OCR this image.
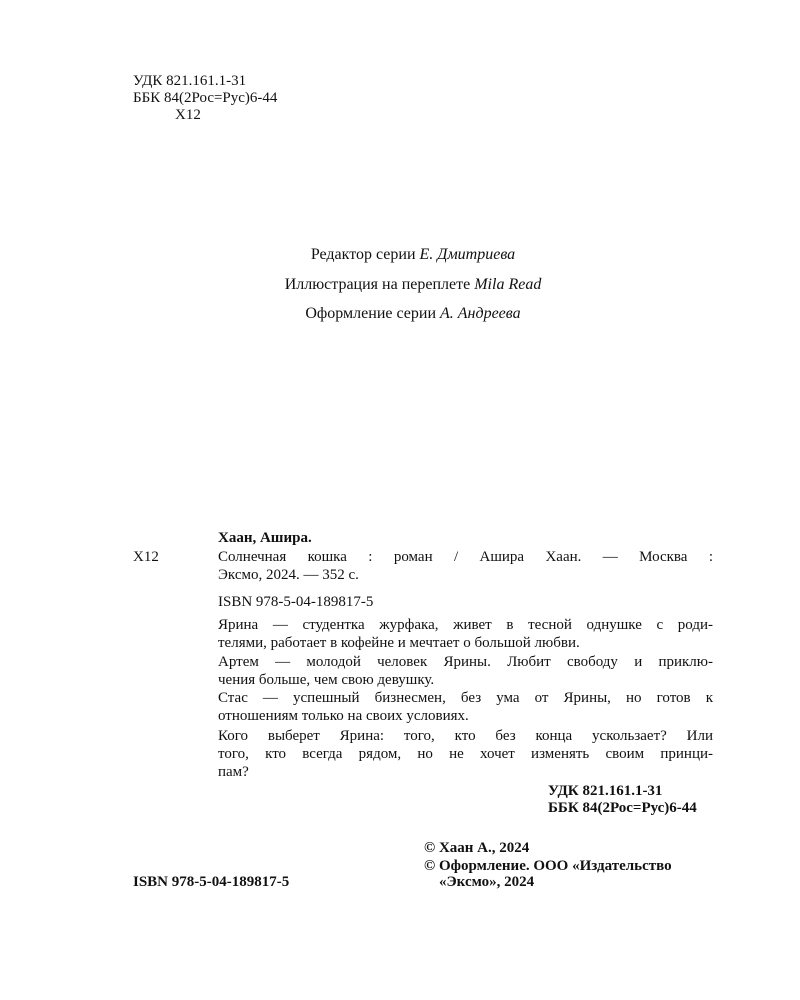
УДК 821.161.1-31
ББК 84(2Рос=Рус)6-44
Х12
Редактор серии Е. Дмитриева
Иллюстрация на переплете Mila Read
Оформление серии А. Андреева
Хаан, Ашира.
Х12	Солнечная кошка : роман / Ашира Хаан. — Москва :
Эксмо, 2024. — 352 с.
ISBN 978-5-04-189817-5
Ярина — студентка журфака, живет в тесной однушке с роди-
телями, работает в кофейне и мечтает о большой любви.
Артем — молодой человек Ярины. Любит свободу и приклю-
чения больше, чем свою девушку.
Стас — успешный бизнесмен, без ума от Ярины, но готов к
отношениям только на своих условиях.
Кого выберет Ярина: того, кто без конца ускользает? Или
того, кто всегда рядом, но не хочет изменять своим принци-
пам?
УДК 821.161.1-31
ББК 84(2Рос=Рус)6-44
© Хаан А., 2024
© Оформление. ООО «Издательство
ISBN 978-5-04-189817-5	«Эксмо», 2024
